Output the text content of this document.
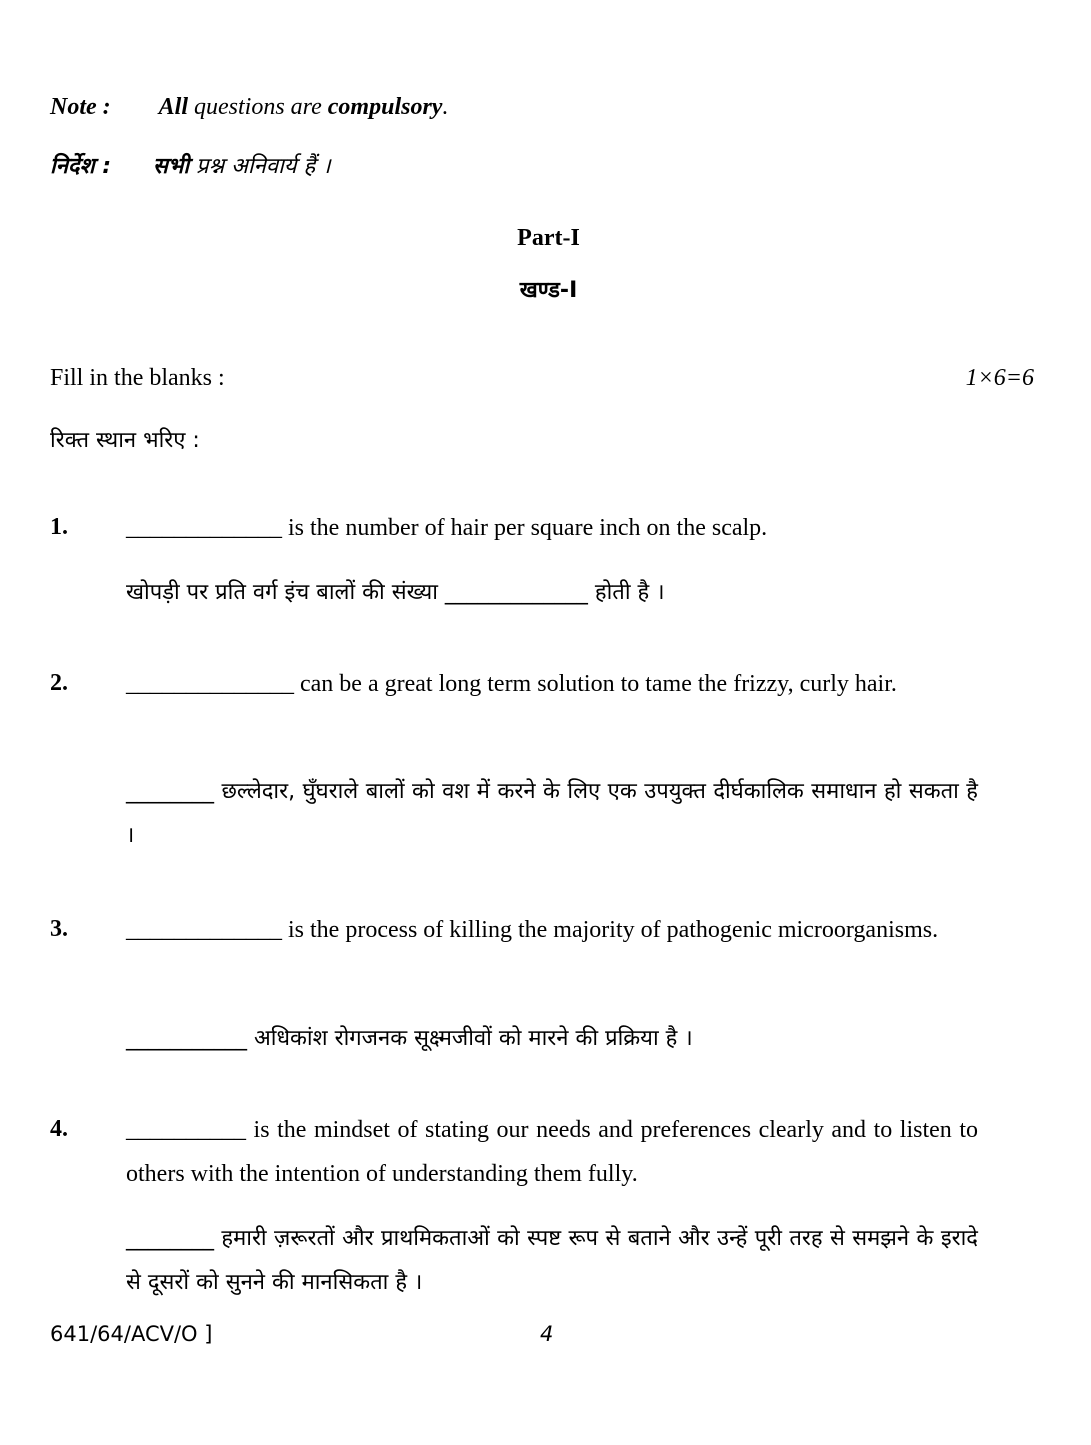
Note : All questions are compulsory.
निर्देश : सभी प्रश्न अनिवार्य हैं ।
Part-I
खण्ड-I
Fill in the blanks :	1×6=6
रिक्त स्थान भरिए :
1. _____________ is the number of hair per square inch on the scalp.
खोपड़ी पर प्रति वर्ग इंच बालों की संख्या _____________ होती है ।
2. ______________ can be a great long term solution to tame the frizzy, curly hair.
________ छल्लेदार, घुँघराले बालों को वश में करने के लिए एक उपयुक्त दीर्घकालिक समाधान हो सकता है ।
3. _____________ is the process of killing the majority of pathogenic microorganisms.
___________ अधिकांश रोगजनक सूक्ष्मजीवों को मारने की प्रक्रिया है ।
4. __________ is the mindset of stating our needs and preferences clearly and to listen to others with the intention of understanding them fully.
________ हमारी ज़रूरतों और प्राथमिकताओं को स्पष्ट रूप से बताने और उन्हें पूरी तरह से समझने के इरादे से दूसरों को सुनने की मानसिकता है ।
641/64/ACV/O ]	4
